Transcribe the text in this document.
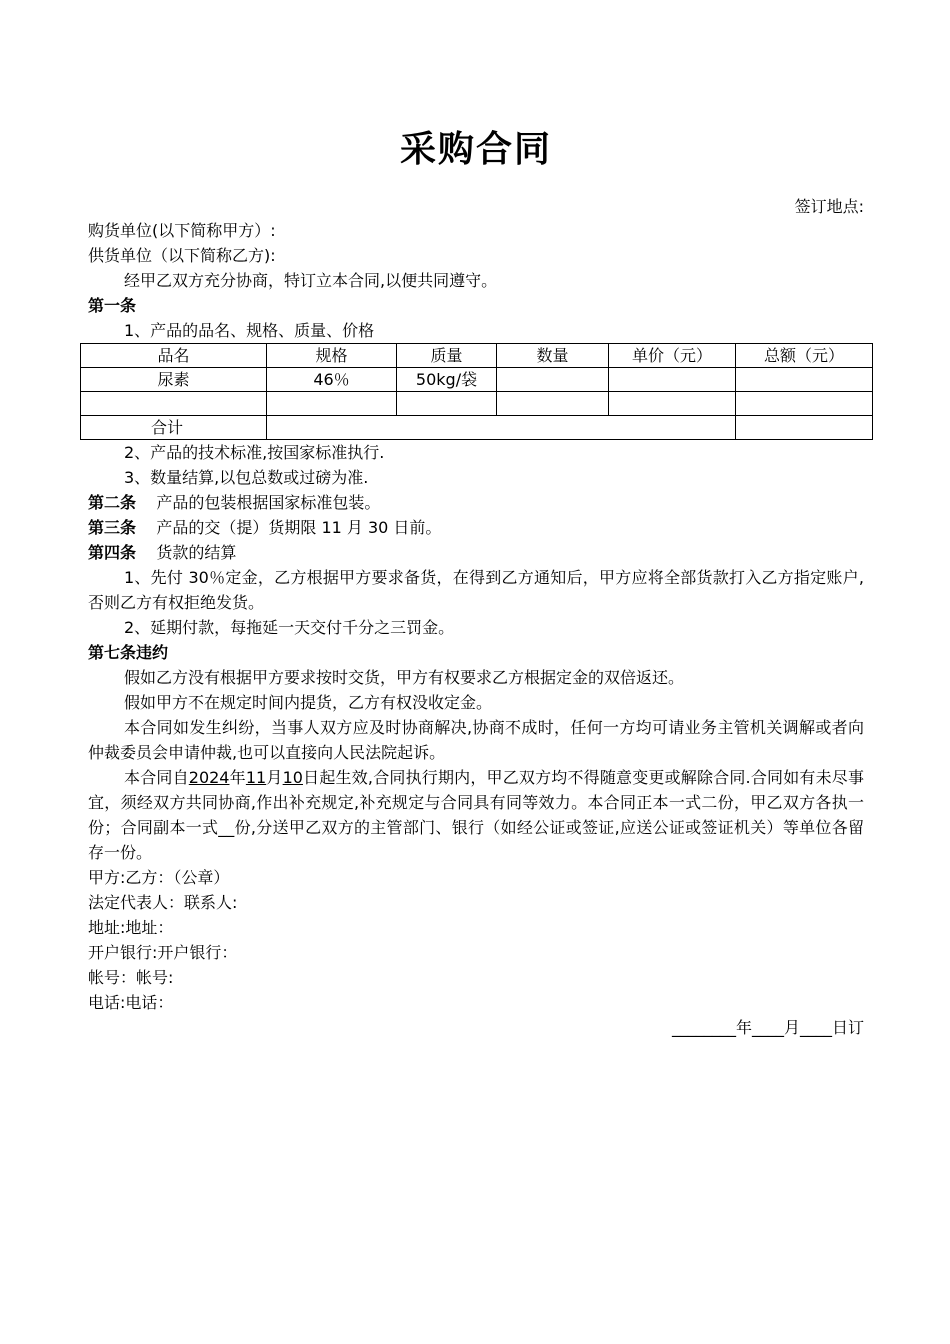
采购合同
签订地点:
购货单位(以下简称甲方）:
供货单位（以下简称乙方):
经甲乙双方充分协商，特订立本合同,以便共同遵守。
第一条
1、产品的品名、规格、质量、价格
品名	规格	质量	数量	单价（元）	总额（元）
尿素	46％	50kg/袋			

合计					
2、产品的技术标准,按国家标准执行.
3、数量结算,以包总数或过磅为准.
第二条 产品的包装根据国家标准包装。
第三条 产品的交（提）货期限 11 月 30 日前。
第四条 货款的结算
1、先付 30％定金，乙方根据甲方要求备货，在得到乙方通知后，甲方应将全部货款打入乙方指定账户,否则乙方有权拒绝发货。
2、延期付款，每拖延一天交付千分之三罚金。
第七条违约
假如乙方没有根据甲方要求按时交货，甲方有权要求乙方根据定金的双倍返还。
假如甲方不在规定时间内提货，乙方有权没收定金。
本合同如发生纠纷，当事人双方应及时协商解决,协商不成时，任何一方均可请业务主管机关调解或者向仲裁委员会申请仲裁,也可以直接向人民法院起诉。
本合同自2024年11月10日起生效,合同执行期内，甲乙双方均不得随意变更或解除合同.合同如有未尽事宜，须经双方共同协商,作出补充规定,补充规定与合同具有同等效力。本合同正本一式二份，甲乙双方各执一份；合同副本一式__份,分送甲乙双方的主管部门、银行（如经公证或签证,应送公证或签证机关）等单位各留存一份。
甲方:乙方：（公章）
法定代表人：联系人:
地址:地址：
开户银行:开户银行：
帐号：帐号:
电话:电话：
________年____月____日订
